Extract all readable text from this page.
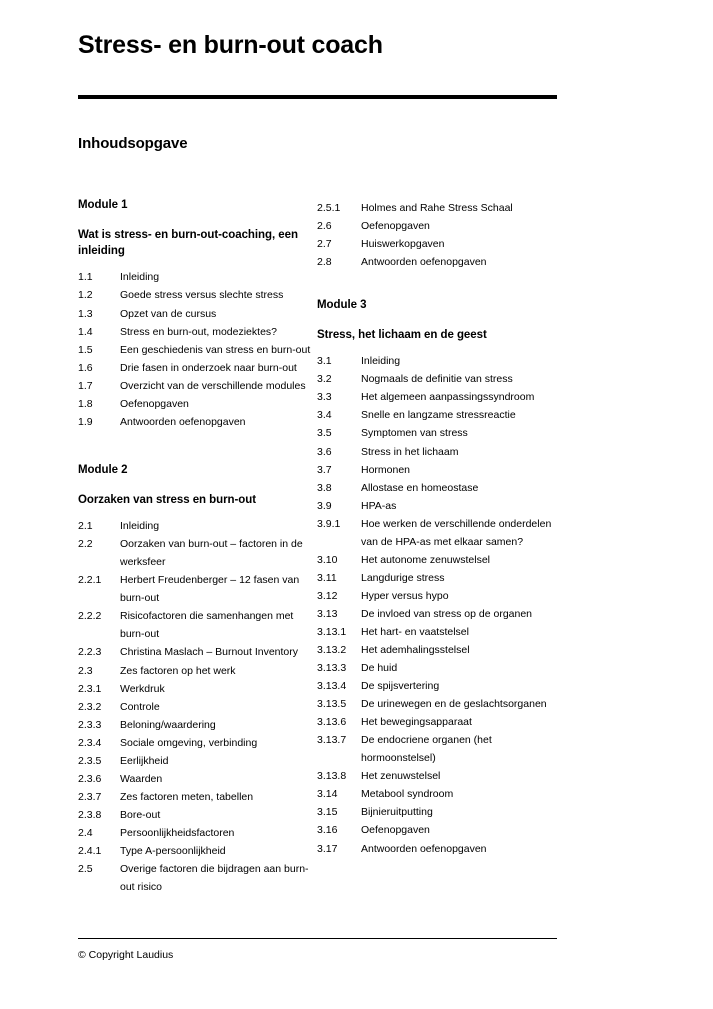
Stress- en burn-out coach
Inhoudsopgave
Module 1
Wat is stress- en burn-out-coaching, een inleiding
1.1	Inleiding
1.2	Goede stress versus slechte stress
1.3	Opzet van de cursus
1.4	Stress en burn-out, modeziektes?
1.5	Een geschiedenis van stress en burn-out
1.6	Drie fasen in onderzoek naar burn-out
1.7	Overzicht van de verschillende modules
1.8	Oefenopgaven
1.9	Antwoorden oefenopgaven
Module 2
Oorzaken van stress en burn-out
2.1	Inleiding
2.2	Oorzaken van burn-out – factoren in de werksfeer
2.2.1	Herbert Freudenberger – 12 fasen van burn-out
2.2.2	Risicofactoren die samenhangen met burn-out
2.2.3	Christina Maslach – Burnout Inventory
2.3	Zes factoren op het werk
2.3.1	Werkdruk
2.3.2	Controle
2.3.3	Beloning/waardering
2.3.4	Sociale omgeving, verbinding
2.3.5	Eerlijkheid
2.3.6	Waarden
2.3.7	Zes factoren meten, tabellen
2.3.8	Bore-out
2.4	Persoonlijkheidsfactoren
2.4.1	Type A-persoonlijkheid
2.5	Overige factoren die bijdragen aan burn-out risico
2.5.1	Holmes and Rahe Stress Schaal
2.6	Oefenopgaven
2.7	Huiswerkopgaven
2.8	Antwoorden oefenopgaven
Module 3
Stress, het lichaam en de geest
3.1	Inleiding
3.2	Nogmaals de definitie van stress
3.3	Het algemeen aanpassingssyndroom
3.4	Snelle en langzame stressreactie
3.5	Symptomen van stress
3.6	Stress in het lichaam
3.7	Hormonen
3.8	Allostase en homeostase
3.9	HPA-as
3.9.1	Hoe werken de verschillende onderdelen van de HPA-as met elkaar samen?
3.10	Het autonome zenuwstelsel
3.11	Langdurige stress
3.12	Hyper versus hypo
3.13	De invloed van stress op de organen
3.13.1	Het hart- en vaatstelsel
3.13.2	Het ademhalingsstelsel
3.13.3	De huid
3.13.4	De spijsvertering
3.13.5	De urinewegen en de geslachtsorganen
3.13.6	Het bewegingsapparaat
3.13.7	De endocriene organen (het hormoonstelsel)
3.13.8	Het zenuwstelsel
3.14	Metabool syndroom
3.15	Bijnieruitputting
3.16	Oefenopgaven
3.17	Antwoorden oefenopgaven

© Copyright Laudius
